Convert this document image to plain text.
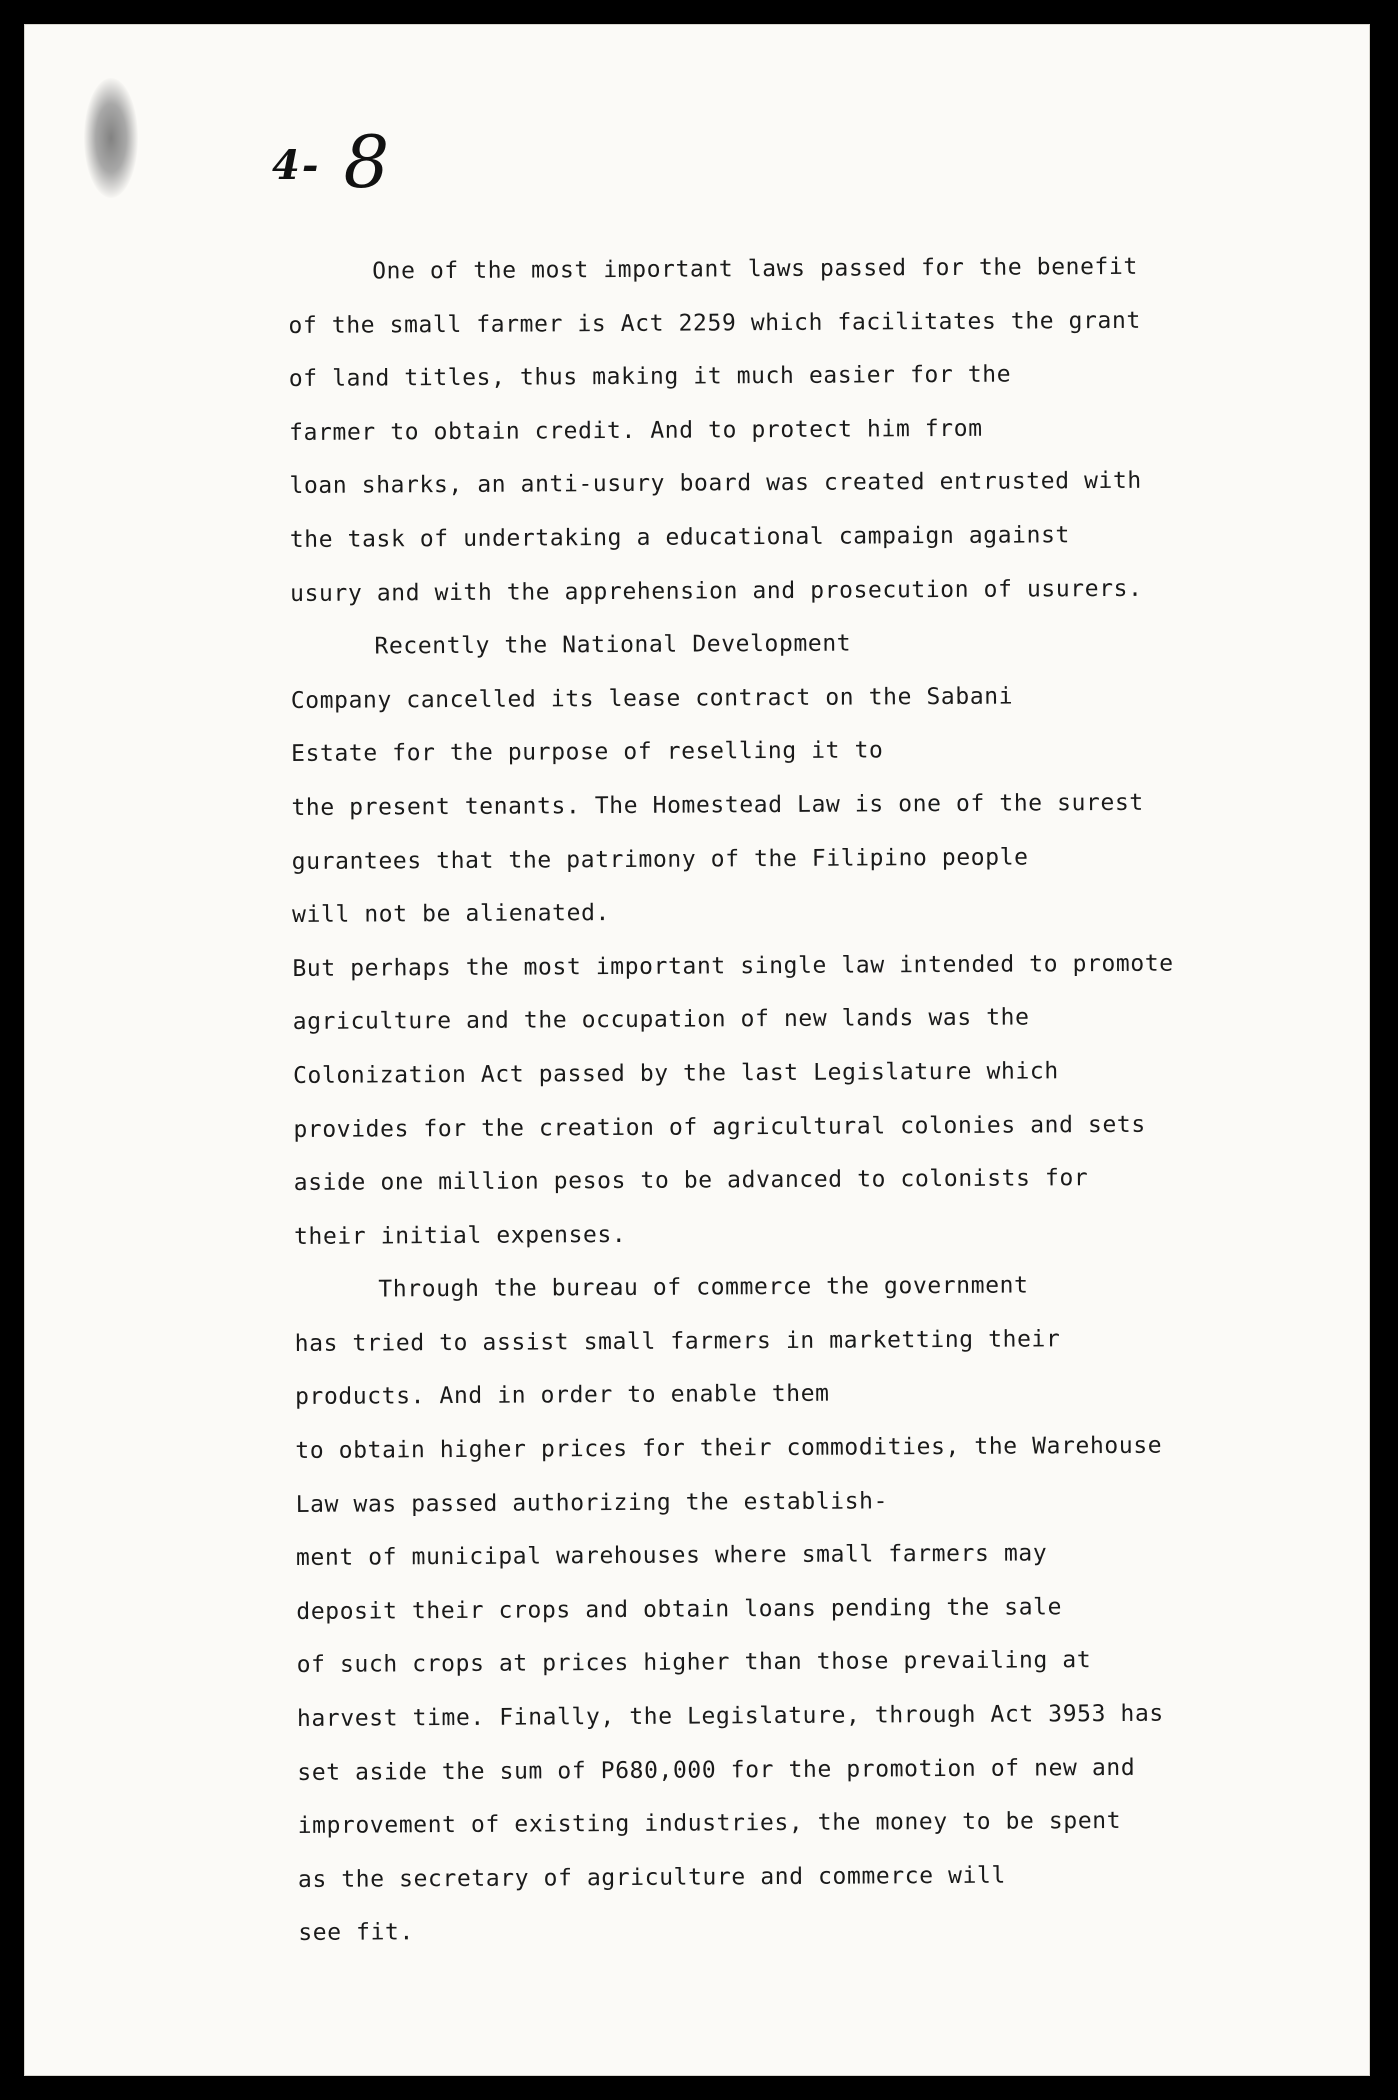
4- 8
One of the most important laws passed for the benefit
of the small farmer is Act 2259 which facilitates the grant
of land titles, thus making it much easier for the
farmer to obtain credit. And to protect him from
loan sharks, an anti-usury board was created entrusted with
the task of undertaking a educational campaign against
usury and with the apprehension and prosecution of usurers.
Recently the National Development
Company cancelled its lease contract on the Sabani
Estate for the purpose of reselling it to
the present tenants. The Homestead Law is one of the surest
gurantees that the patrimony of the Filipino people
will not be alienated.
But perhaps the most important single law intended to promote
agriculture and the occupation of new lands was the
Colonization Act passed by the last Legislature which
provides for the creation of agricultural colonies and sets
aside one million pesos to be advanced to colonists for
their initial expenses.
Through the bureau of commerce the government
has tried to assist small farmers in marketting their
products. And in order to enable them
to obtain higher prices for their commodities, the Warehouse
Law was passed authorizing the establish-
ment of municipal warehouses where small farmers may
deposit their crops and obtain loans pending the sale
of such crops at prices higher than those prevailing at
harvest time. Finally, the Legislature, through Act 3953 has
set aside the sum of P680,000 for the promotion of new and
improvement of existing industries, the money to be spent
as the secretary of agriculture and commerce will
see fit.
